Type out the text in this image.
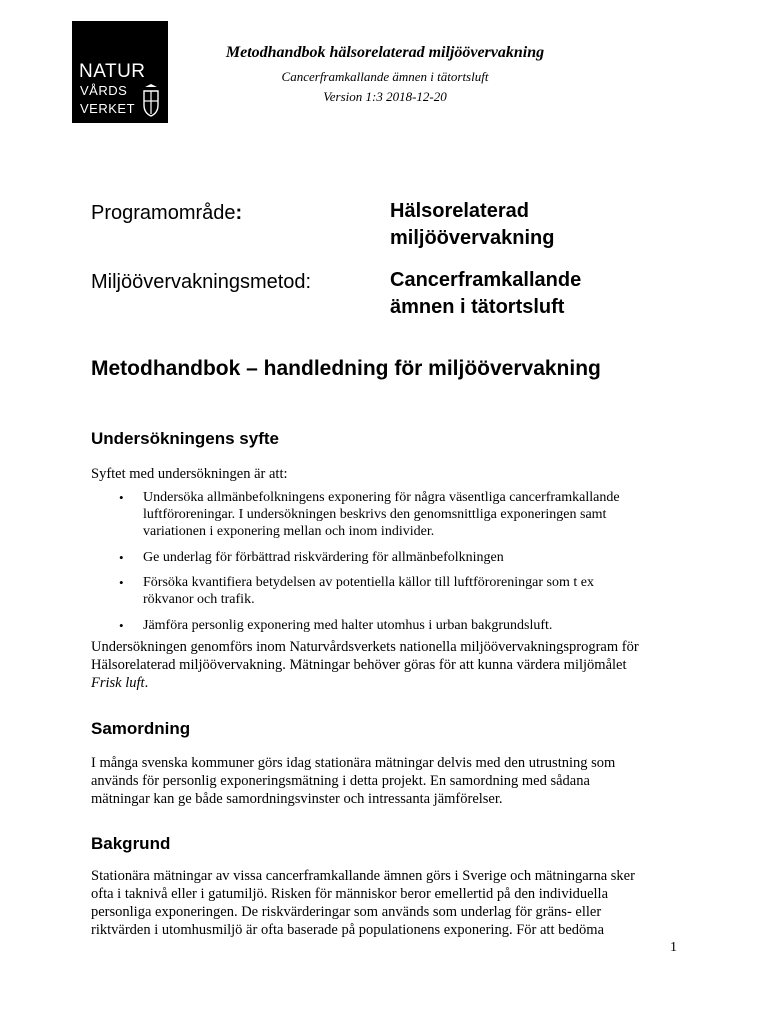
NATUR
VÅRDS
VERKET
Metodhandbok hälsorelaterad miljöövervakning
Cancerframkallande ämnen i tätortsluft
Version 1:3 2018-12-20
Programområde:	Hälsorelaterad
miljöövervakning
Miljöövervakningsmetod:	Cancerframkallande
ämnen i tätortsluft
Metodhandbok – handledning för miljöövervakning
Undersökningens syfte
Syftet med undersökningen är att:
• Undersöka allmänbefolkningens exponering för några väsentliga cancerframkallande
luftföroreningar. I undersökningen beskrivs den genomsnittliga exponeringen samt
variationen i exponering mellan och inom individer.
• Ge underlag för förbättrad riskvärdering för allmänbefolkningen
• Försöka kvantifiera betydelsen av potentiella källor till luftföroreningar som t ex
rökvanor och trafik.
• Jämföra personlig exponering med halter utomhus i urban bakgrundsluft.
Undersökningen genomförs inom Naturvårdsverkets nationella miljöövervakningsprogram för
Hälsorelaterad miljöövervakning. Mätningar behöver göras för att kunna värdera miljömålet
Frisk luft.
Samordning
I många svenska kommuner görs idag stationära mätningar delvis med den utrustning som
används för personlig exponeringsmätning i detta projekt. En samordning med sådana
mätningar kan ge både samordningsvinster och intressanta jämförelser.
Bakgrund
Stationära mätningar av vissa cancerframkallande ämnen görs i Sverige och mätningarna sker
ofta i taknivå eller i gatumiljö. Risken för människor beror emellertid på den individuella
personliga exponeringen. De riskvärderingar som används som underlag för gräns- eller
riktvärden i utomhusmiljö är ofta baserade på populationens exponering. För att bedöma
1
